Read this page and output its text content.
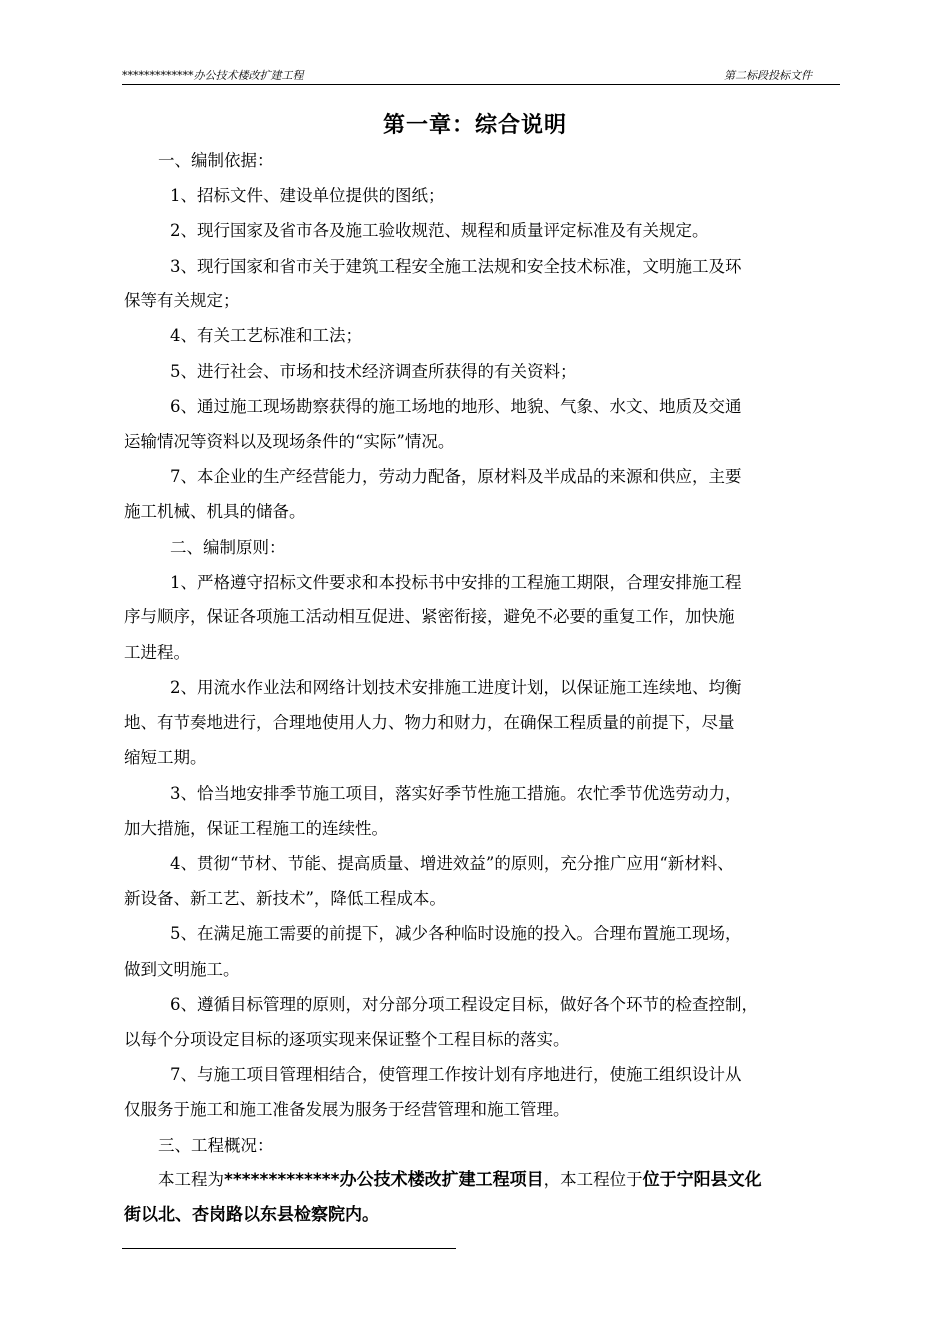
*************办公技术楼改扩建工程	第二标段投标文件
第一章：综合说明
一、编制依据：
1、招标文件、建设单位提供的图纸；
2、现行国家及省市各及施工验收规范、规程和质量评定标准及有关规定。
3、现行国家和省市关于建筑工程安全施工法规和安全技术标准，文明施工及环
保等有关规定；
4、有关工艺标准和工法；
5、进行社会、市场和技术经济调查所获得的有关资料；
6、通过施工现场勘察获得的施工场地的地形、地貌、气象、水文、地质及交通
运输情况等资料以及现场条件的“实际”情况。
7、本企业的生产经营能力，劳动力配备，原材料及半成品的来源和供应，主要
施工机械、机具的储备。
二、编制原则：
1、严格遵守招标文件要求和本投标书中安排的工程施工期限，合理安排施工程
序与顺序，保证各项施工活动相互促进、紧密衔接，避免不必要的重复工作，加快施
工进程。
2、用流水作业法和网络计划技术安排施工进度计划，以保证施工连续地、均衡
地、有节奏地进行，合理地使用人力、物力和财力，在确保工程质量的前提下，尽量
缩短工期。
3、恰当地安排季节施工项目，落实好季节性施工措施。农忙季节优选劳动力，
加大措施，保证工程施工的连续性。
4、贯彻“节材、节能、提高质量、增进效益”的原则，充分推广应用“新材料、
新设备、新工艺、新技术”，降低工程成本。
5、在满足施工需要的前提下，减少各种临时设施的投入。合理布置施工现场，
做到文明施工。
6、遵循目标管理的原则，对分部分项工程设定目标，做好各个环节的检查控制，
以每个分项设定目标的逐项实现来保证整个工程目标的落实。
7、与施工项目管理相结合，使管理工作按计划有序地进行，使施工组织设计从
仅服务于施工和施工准备发展为服务于经营管理和施工管理。
三、工程概况：
本工程为*************办公技术楼改扩建工程项目，本工程位于位于宁阳县文化
街以北、杏岗路以东县检察院内。
